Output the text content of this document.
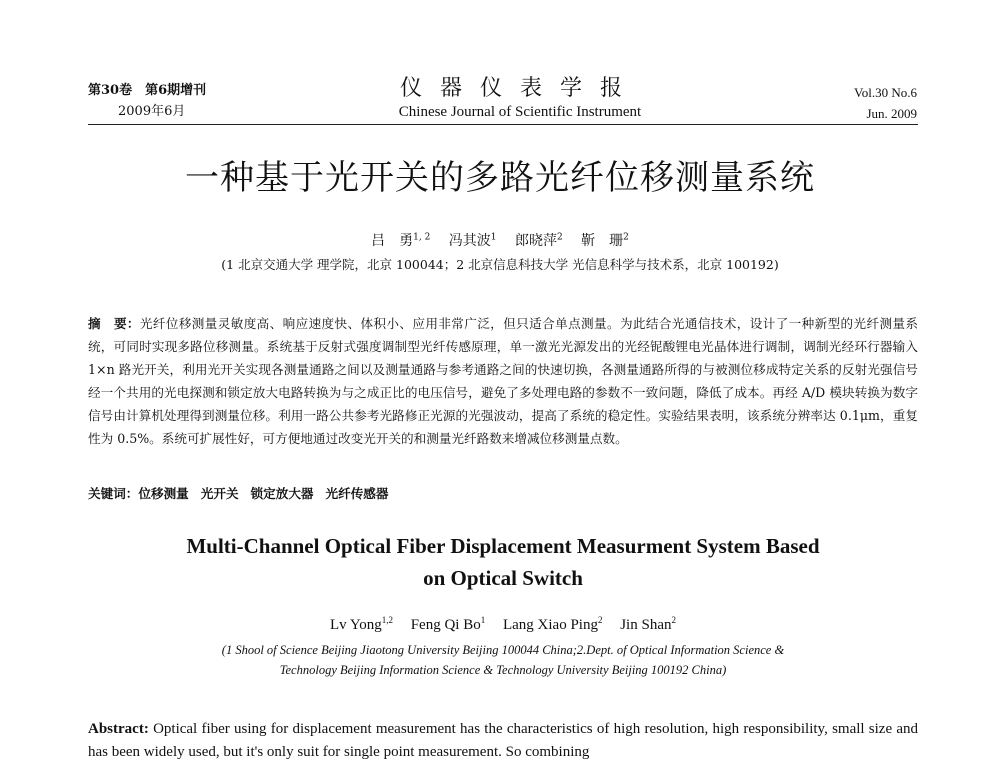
第30卷　第6期增刊
2009年6月
仪器仪表学报
Chinese Journal of Scientific Instrument
Vol.30 No.6
Jun. 2009
一种基于光开关的多路光纤位移测量系统
吕　勇$^{1, 2}$ 冯其波$^1$ 郎晓萍$^2$ 靳　珊$^2$
(1 北京交通大学 理学院，北京 100044；2 北京信息科技大学 光信息科学与技术系，北京 100192)
摘　要：光纤位移测量灵敏度高、响应速度快、体积小、应用非常广泛，但只适合单点测量。为此结合光通信技术，设计了一种新型的光纤测量系统，可同时实现多路位移测量。系统基于反射式强度调制型光纤传感原理，单一激光光源发出的光经铌酸锂电光晶体进行调制，调制光经环行器输入 1×n 路光开关，利用光开关实现各测量通路之间以及测量通路与参考通路之间的快速切换，各测量通路所得的与被测位移成特定关系的反射光强信号经一个共用的光电探测和锁定放大电路转换为与之成正比的电压信号，避免了多处理电路的参数不一致问题，降低了成本。再经 A/D 模块转换为数字信号由计算机处理得到测量位移。利用一路公共参考光路修正光源的光强波动，提高了系统的稳定性。实验结果表明，该系统分辨率达 0.1μm，重复性为 0.5%。系统可扩展性好，可方便地通过改变光开关的和测量光纤路数来增减位移测量点数。
关键词：位移测量 光开关 锁定放大器 光纤传感器
Multi-Channel Optical Fiber Displacement Measurment System Based
on Optical Switch
Lv Yong$^{1,2}$ Feng Qi Bo$^1$ Lang Xiao Ping$^2$ Jin Shan$^2$
(1 Shool of Science Beijing Jiaotong University Beijing 100044 China;2.Dept. of Optical Information Science &
Technology Beijing Information Science & Technology University Beijing 100192 China)
Abstract: Optical fiber using for displacement measurement has the characteristics of high resolution, high responsibility, small size and has been widely used, but it's only suit for single point measurement. So combining
